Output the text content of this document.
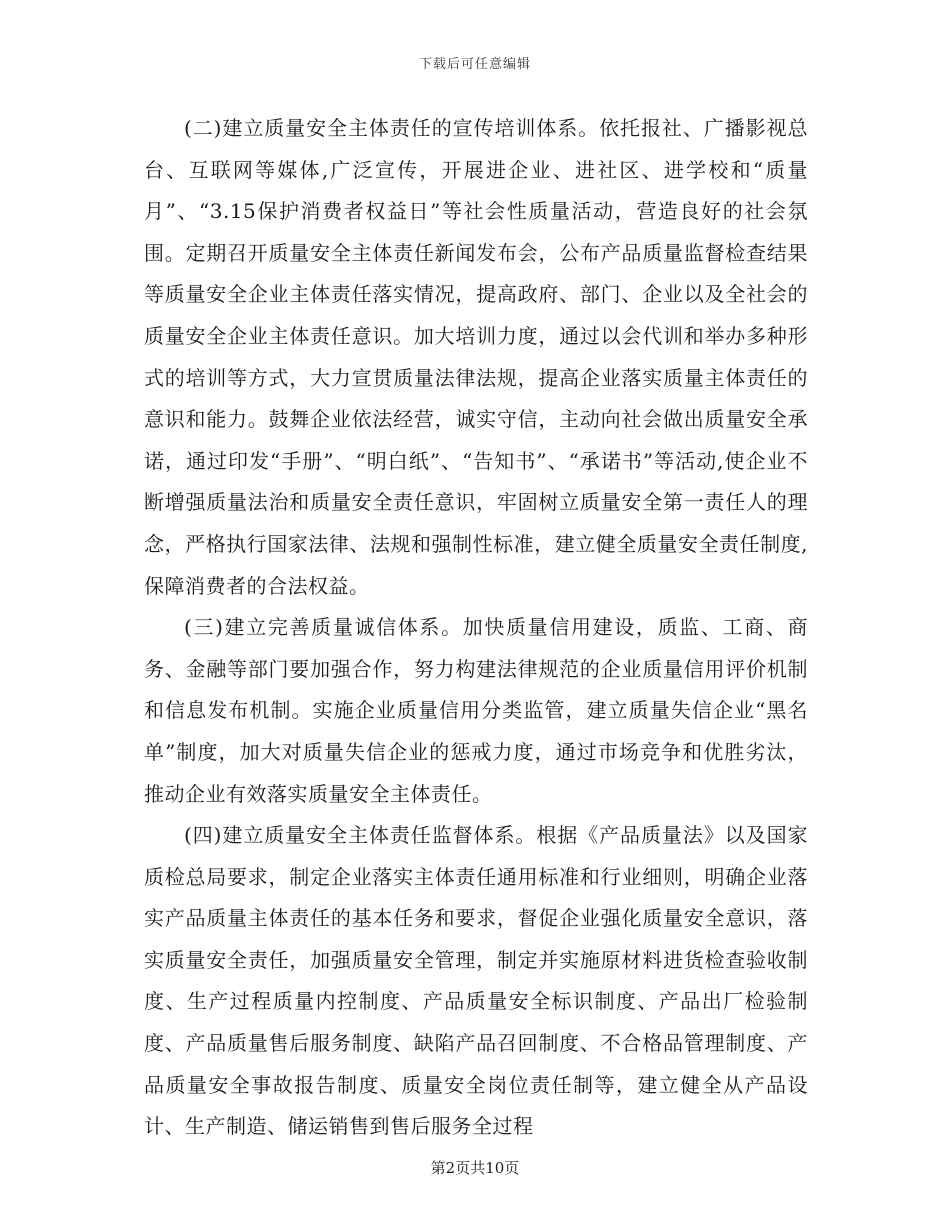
下载后可任意编辑

(二)建立质量安全主体责任的宣传培训体系。依托报社、广播影视总台、互联网等媒体,广泛宣传，开展进企业、进社区、进学校和“质量月”、“3.15保护消费者权益日”等社会性质量活动，营造良好的社会氛围。定期召开质量安全主体责任新闻发布会，公布产品质量监督检查结果等质量安全企业主体责任落实情况，提高政府、部门、企业以及全社会的质量安全企业主体责任意识。加大培训力度，通过以会代训和举办多种形式的培训等方式，大力宣贯质量法律法规，提高企业落实质量主体责任的意识和能力。鼓舞企业依法经营，诚实守信，主动向社会做出质量安全承诺，通过印发“手册”、“明白纸”、“告知书”、“承诺书”等活动,使企业不断增强质量法治和质量安全责任意识，牢固树立质量安全第一责任人的理念，严格执行国家法律、法规和强制性标准，建立健全质量安全责任制度,保障消费者的合法权益。

(三)建立完善质量诚信体系。加快质量信用建设，质监、工商、商务、金融等部门要加强合作，努力构建法律规范的企业质量信用评价机制和信息发布机制。实施企业质量信用分类监管，建立质量失信企业“黑名单”制度，加大对质量失信企业的惩戒力度，通过市场竞争和优胜劣汰，推动企业有效落实质量安全主体责任。

(四)建立质量安全主体责任监督体系。根据《产品质量法》以及国家质检总局要求，制定企业落实主体责任通用标准和行业细则，明确企业落实产品质量主体责任的基本任务和要求，督促企业强化质量安全意识，落实质量安全责任，加强质量安全管理，制定并实施原材料进货检查验收制度、生产过程质量内控制度、产品质量安全标识制度、产品出厂检验制度、产品质量售后服务制度、缺陷产品召回制度、不合格品管理制度、产品质量安全事故报告制度、质量安全岗位责任制等，建立健全从产品设计、生产制造、储运销售到售后服务全过程

第2页共10页
